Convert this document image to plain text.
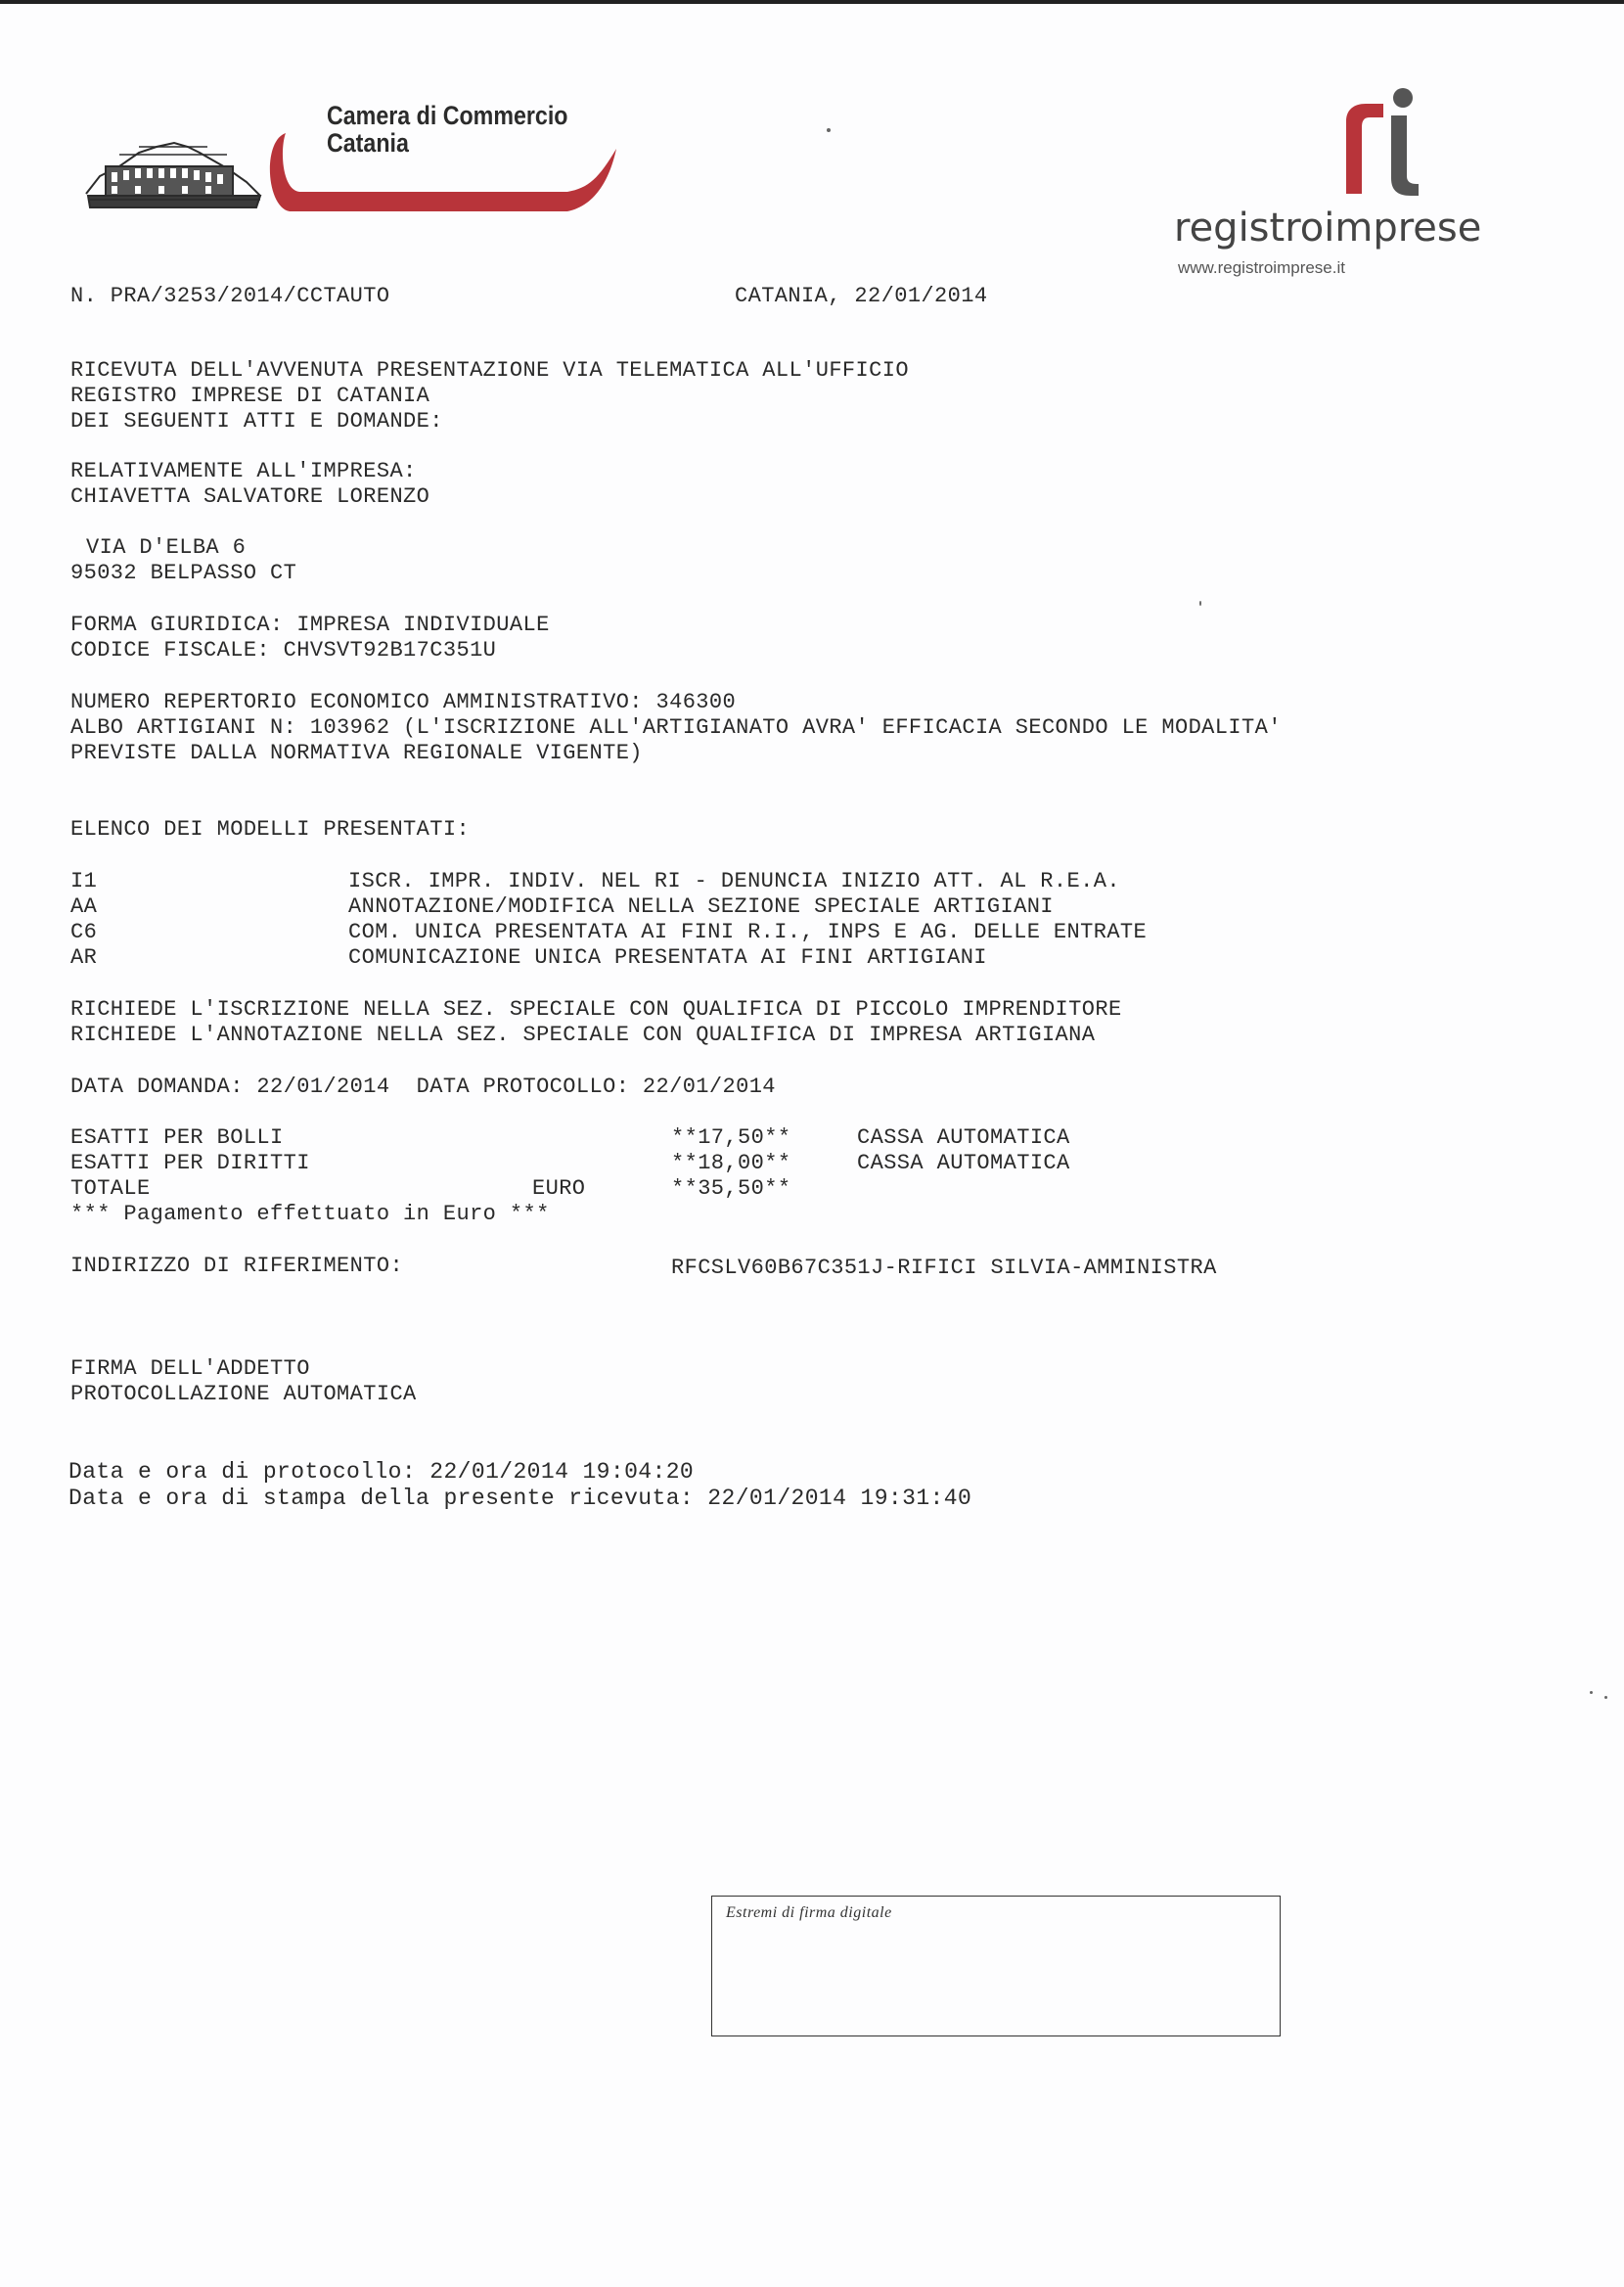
Camera di Commercio
Catania
registroimprese
www.registroimprese.it
N. PRA/3253/2014/CCTAUTO	CATANIA, 22/01/2014
RICEVUTA DELL'AVVENUTA PRESENTAZIONE VIA TELEMATICA ALL'UFFICIO
REGISTRO IMPRESE DI CATANIA
DEI SEGUENTI ATTI E DOMANDE:
RELATIVAMENTE ALL'IMPRESA:
CHIAVETTA SALVATORE LORENZO
VIA D'ELBA 6
95032 BELPASSO CT
FORMA GIURIDICA: IMPRESA INDIVIDUALE
CODICE FISCALE: CHVSVT92B17C351U
NUMERO REPERTORIO ECONOMICO AMMINISTRATIVO: 346300
ALBO ARTIGIANI N: 103962 (L'ISCRIZIONE ALL'ARTIGIANATO AVRA' EFFICACIA SECONDO LE MODALITA'
PREVISTE DALLA NORMATIVA REGIONALE VIGENTE)
ELENCO DEI MODELLI PRESENTATI:
I1	ISCR. IMPR. INDIV. NEL RI - DENUNCIA INIZIO ATT. AL R.E.A.
AA	ANNOTAZIONE/MODIFICA NELLA SEZIONE SPECIALE ARTIGIANI
C6	COM. UNICA PRESENTATA AI FINI R.I., INPS E AG. DELLE ENTRATE
AR	COMUNICAZIONE UNICA PRESENTATA AI FINI ARTIGIANI
RICHIEDE L'ISCRIZIONE NELLA SEZ. SPECIALE CON QUALIFICA DI PICCOLO IMPRENDITORE
RICHIEDE L'ANNOTAZIONE NELLA SEZ. SPECIALE CON QUALIFICA DI IMPRESA ARTIGIANA
DATA DOMANDA: 22/01/2014  DATA PROTOCOLLO: 22/01/2014
ESATTI PER BOLLI	**17,50**	CASSA AUTOMATICA
ESATTI PER DIRITTI	**18,00**	CASSA AUTOMATICA
TOTALE	EURO	**35,50**
*** Pagamento effettuato in Euro ***
INDIRIZZO DI RIFERIMENTO:	RFCSLV60B67C351J-RIFICI SILVIA-AMMINISTRA
FIRMA DELL'ADDETTO
PROTOCOLLAZIONE AUTOMATICA
Data e ora di protocollo: 22/01/2014 19:04:20
Data e ora di stampa della presente ricevuta: 22/01/2014 19:31:40
Estremi di firma digitale
